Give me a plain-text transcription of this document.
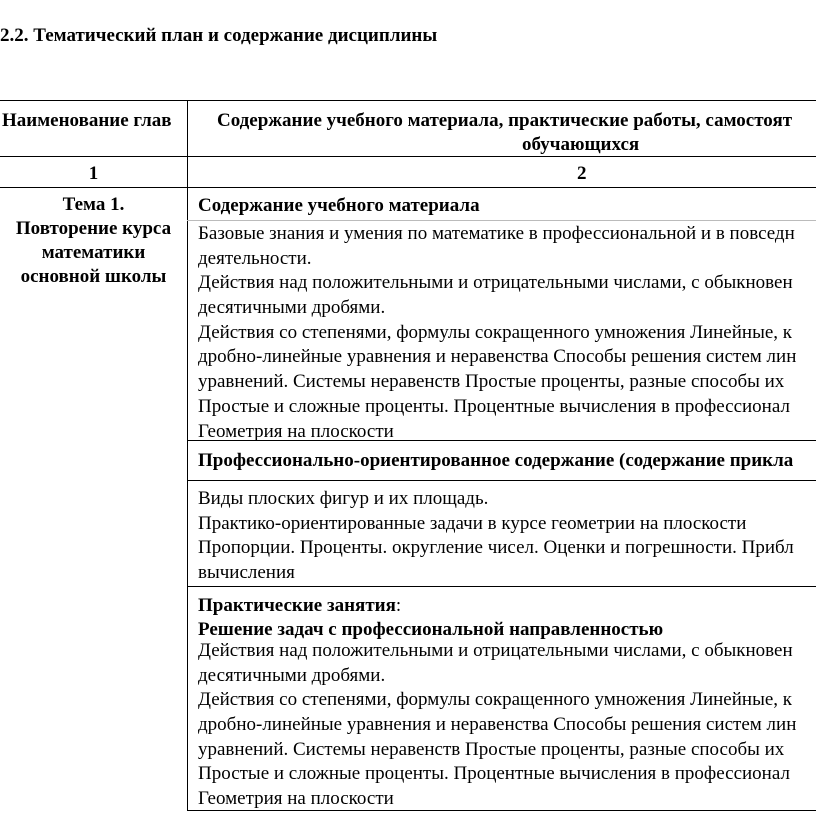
2.2. Тематический план и содержание дисциплины
Наименование глав Содержание учебного материала, практические работы, самостоят
обучающихся
1	2
Тема 1.
Повторение курса
математики
основной школы
Содержание учебного материала
Базовые знания и умения по математике в профессиональной и в повседн
деятельности.
Действия над положительными и отрицательными числами, с обыкновен
десятичными дробями.
Действия со степенями, формулы сокращенного умножения Линейные, к
дробно-линейные уравнения и неравенства Способы решения систем лин
уравнений. Системы неравенств Простые проценты, разные способы их
Простые и сложные проценты. Процентные вычисления в профессионал
Геометрия на плоскости
Профессионально-ориентированное содержание (содержание прикла
Виды плоских фигур и их площадь.
Практико-ориентированные задачи в курсе геометрии на плоскости
Пропорции. Проценты. округление чисел. Оценки и погрешности. Прибл
вычисления
Практические занятия:
Решение задач с профессиональной направленностью
Действия над положительными и отрицательными числами, с обыкновен
десятичными дробями.
Действия со степенями, формулы сокращенного умножения Линейные, к
дробно-линейные уравнения и неравенства Способы решения систем лин
уравнений. Системы неравенств Простые проценты, разные способы их
Простые и сложные проценты. Процентные вычисления в профессионал
Геометрия на плоскости
